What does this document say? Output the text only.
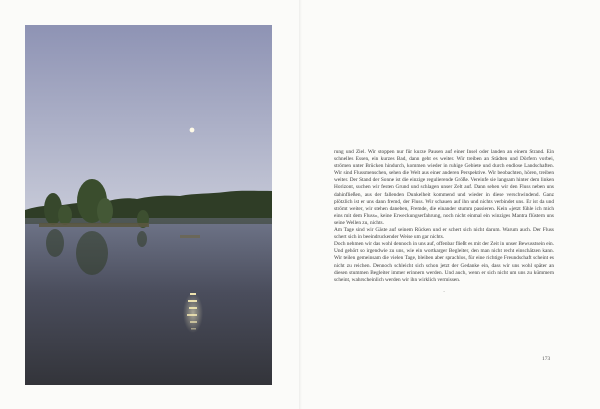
rung und Ziel. Wir stoppen nur für kurze Pausen auf einer Insel oder landen an einem Strand. Ein schnelles Essen, ein kurzes Bad, dann geht es weiter. Wir treiben an Städten und Dörfern vorbei, strömen unter Brücken hindurch, kommen wieder in ruhige Gebiete und durch endlose Landschaften. Wir sind Flussmenschen, sehen die Welt aus einer anderen Perspektive. Wir beobachten, hören, treiben weiter. Der Stand der Sonne ist die einzige regulierende Größe. Vereinfe sie langsam hinter dem linken Horizont, suchen wir festen Grund und schlagen unser Zelt auf. Dann sehen wir den Fluss neben uns dahinfließen, aus der fallenden Dunkelheit kommend und wieder in diese verschwindend. Ganz plötzlich ist er uns dann fremd, der Fluss. Wir schauen auf ihn und nichts verbindet uns. Er ist da und strömt weiter, wir stehen daneben, Fremde, die einander stumm passieren. Kein »jetzt fühle ich mich eins mit dem Fluss«, keine Erweckungserfahrung, noch nicht einmal ein winziges Mantra flüstern uns seine Wellen zu, nichts.

Am Tage sind wir Gäste auf seinem Rücken und er schert sich nicht darum. Warum auch. Der Fluss schert sich in beeindruckender Weise um gar nichts.

Doch nehmen wir das wohl dennoch in uns auf, offenbar fließt es mit der Zeit in unser Bewusstsein ein. Und gehört so irgendwie zu uns, wie ein wortkarger Begleiter, den man nicht recht einschätzen kann. Wir teilen gemeinsam die vielen Tage, bleiben aber sprachlos, für eine richtige Freundschaft scheint es nicht zu reichen. Dennoch schleicht sich schon jetzt der Gedanke ein, dass wir uns wohl später an diesen stummen Begleiter immer erinnern werden. Und auch, wenn er sich nicht um uns zu kümmern scheint, wahrscheinlich werden wir ihn wirklich vermissen.

.

173
